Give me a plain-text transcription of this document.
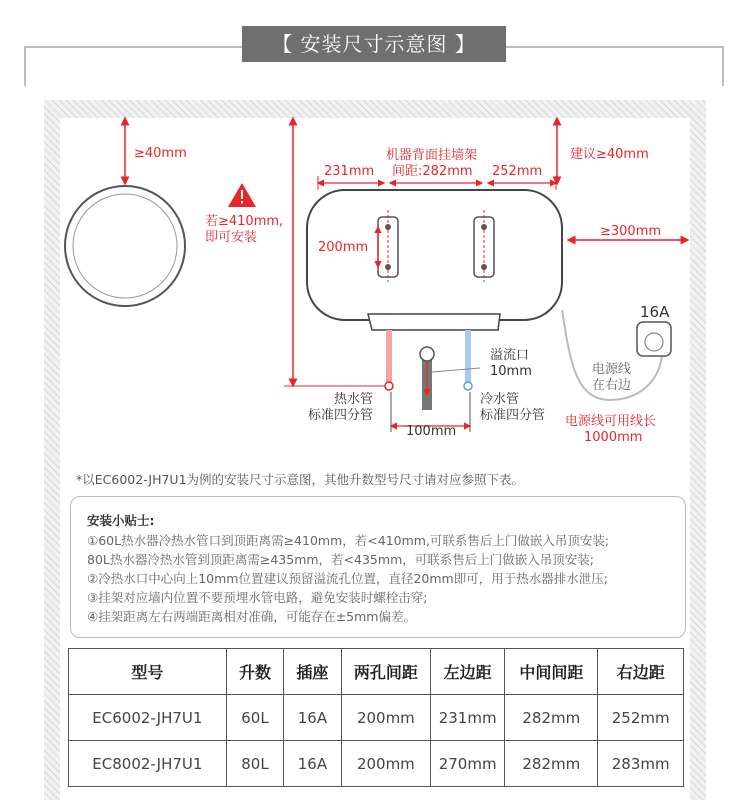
【 安装尺寸示意图 】
≥40mm
若≥410mm,
即可安装
机器背面挂墙架
间距:282mm
231mm	252mm
建议≥40mm
200mm
≥300mm
16A
溢流口
10mm	电源线
在右边
热水管
标准四分管
冷水管
标准四分管
100mm
电源线可用线长
1000mm
*以EC6002-JH7U1为例的安装尺寸示意图，其他升数型号尺寸请对应参照下表。
安装小贴士:
①60L热水器冷热水管口到顶距离需≥410mm，若<410mm,可联系售后上门做嵌入吊顶安装;
80L热水器冷热水管到顶距离需≥435mm，若<435mm，可联系售后上门做嵌入吊顶安装;
②冷热水口中心向上10mm位置建议预留溢流孔位置，直径20mm即可，用于热水器排水泄压;
③挂架对应墙内位置不要预埋水管电路，避免安装时螺栓击穿;
④挂架距离左右两端距离相对准确，可能存在±5mm偏差。
型号	升数	插座	两孔间距	左边距	中间间距	右边距
EC6002-JH7U1	60L	16A	200mm	231mm	282mm	252mm
EC8002-JH7U1	80L	16A	200mm	270mm	282mm	283mm
